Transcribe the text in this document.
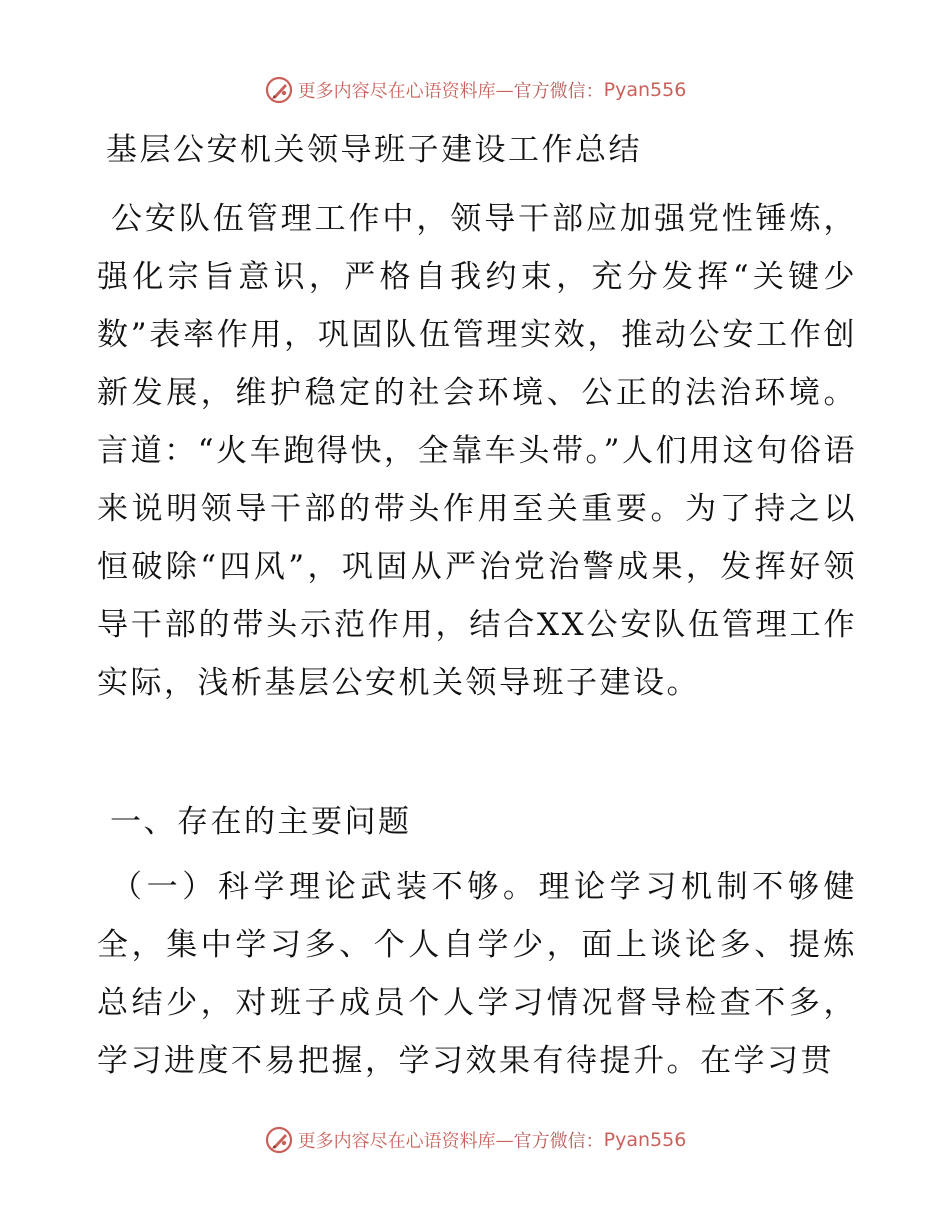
更多内容尽在心语资料库 — 官方微信： Pyan556
基层公安机关领导班子建设工作总结

公安队伍管理工作中，领导干部应加强党性锤炼，强化宗旨意识，严格自我约束，充分发挥“关键少数”表率作用，巩固队伍管理实效，推动公安工作创新发展，维护稳定的社会环境、公正的法治环境。言道：“火车跑得快，全靠车头带。”人们用这句俗语来说明领导干部的带头作用至关重要。为了持之以恒破除“四风”，巩固从严治党治警成果，发挥好领导干部的带头示范作用，结合XX公安队伍管理工作实际，浅析基层公安机关领导班子建设。

一、存在的主要问题

（一）科学理论武装不够。理论学习机制不够健全，集中学习多、个人自学少，面上谈论多、提炼总结少，对班子成员个人学习情况督导检查不多，学习进度不易把握，学习效果有待提升。在学习贯

更多内容尽在心语资料库 — 官方微信： Pyan556
